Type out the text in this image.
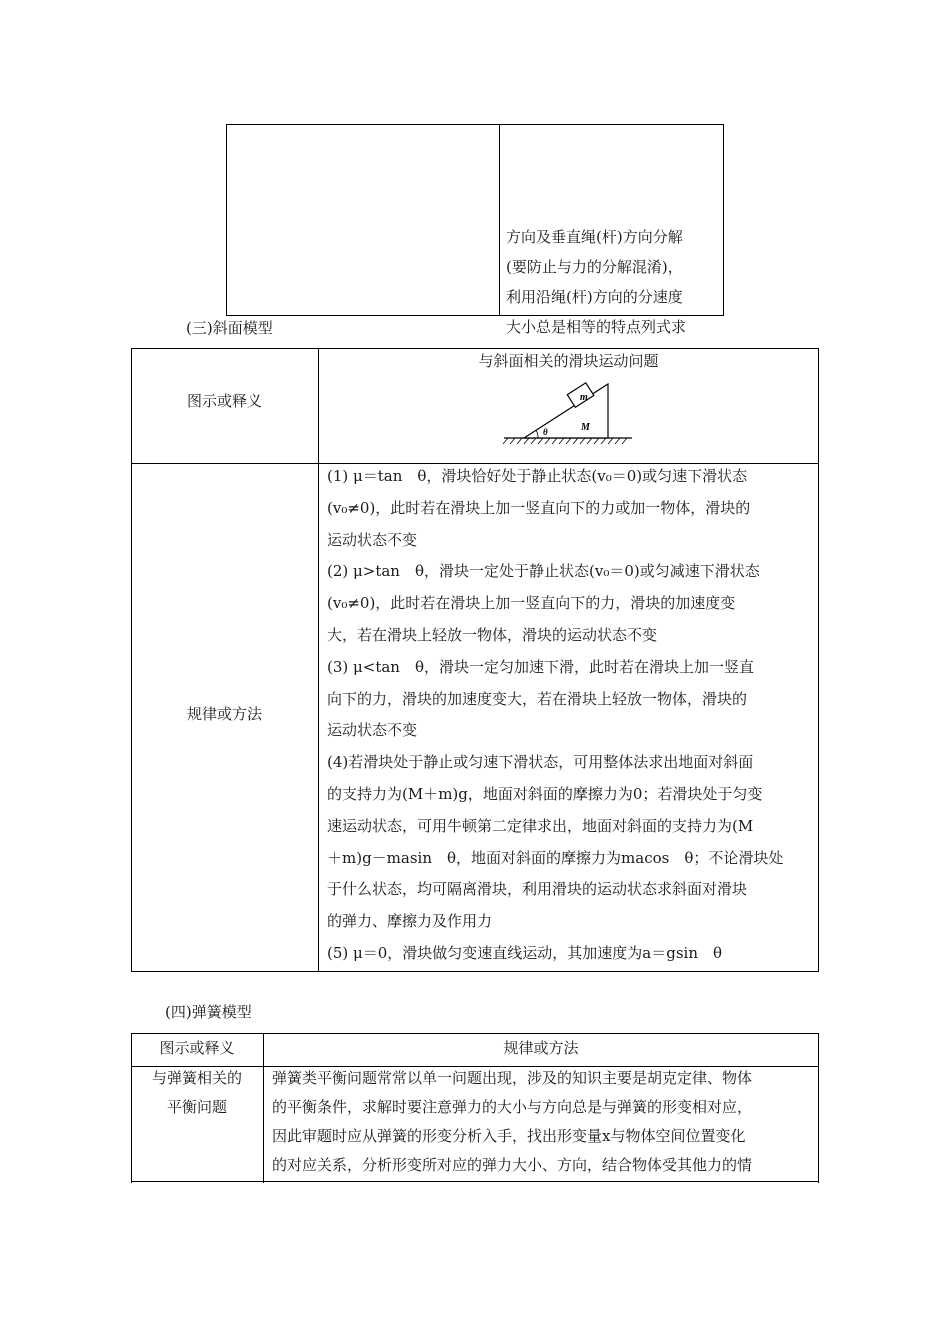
方向及垂直绳(杆)方向分解
(要防止与力的分解混淆)，
利用沿绳(杆)方向的分速度
大小总是相等的特点列式求
(三)斜面模型
图示或释义
与斜面相关的滑块运动问题
m
M
θ
规律或方法
(1) μ＝tan　θ，滑块恰好处于静止状态(v₀＝0)或匀速下滑状态
(v₀≠0)，此时若在滑块上加一竖直向下的力或加一物体，滑块的
运动状态不变
(2) μ>tan　θ，滑块一定处于静止状态(v₀＝0)或匀减速下滑状态
(v₀≠0)，此时若在滑块上加一竖直向下的力，滑块的加速度变
大，若在滑块上轻放一物体，滑块的运动状态不变
(3) μ<tan　θ，滑块一定匀加速下滑，此时若在滑块上加一竖直
向下的力，滑块的加速度变大，若在滑块上轻放一物体，滑块的
运动状态不变
(4)若滑块处于静止或匀速下滑状态，可用整体法求出地面对斜面
的支持力为(M＋m)g，地面对斜面的摩擦力为0；若滑块处于匀变
速运动状态，可用牛顿第二定律求出，地面对斜面的支持力为(M
＋m)g－masin　θ，地面对斜面的摩擦力为macos　θ；不论滑块处
于什么状态，均可隔离滑块，利用滑块的运动状态求斜面对滑块
的弹力、摩擦力及作用力
(5) μ＝0，滑块做匀变速直线运动，其加速度为a＝gsin　θ
(四)弹簧模型
图示或释义	规律或方法
与弹簧相关的
平衡问题
弹簧类平衡问题常常以单一问题出现，涉及的知识主要是胡克定律、物体
的平衡条件，求解时要注意弹力的大小与方向总是与弹簧的形变相对应，
因此审题时应从弹簧的形变分析入手，找出形变量x与物体空间位置变化
的对应关系，分析形变所对应的弹力大小、方向，结合物体受其他力的情
